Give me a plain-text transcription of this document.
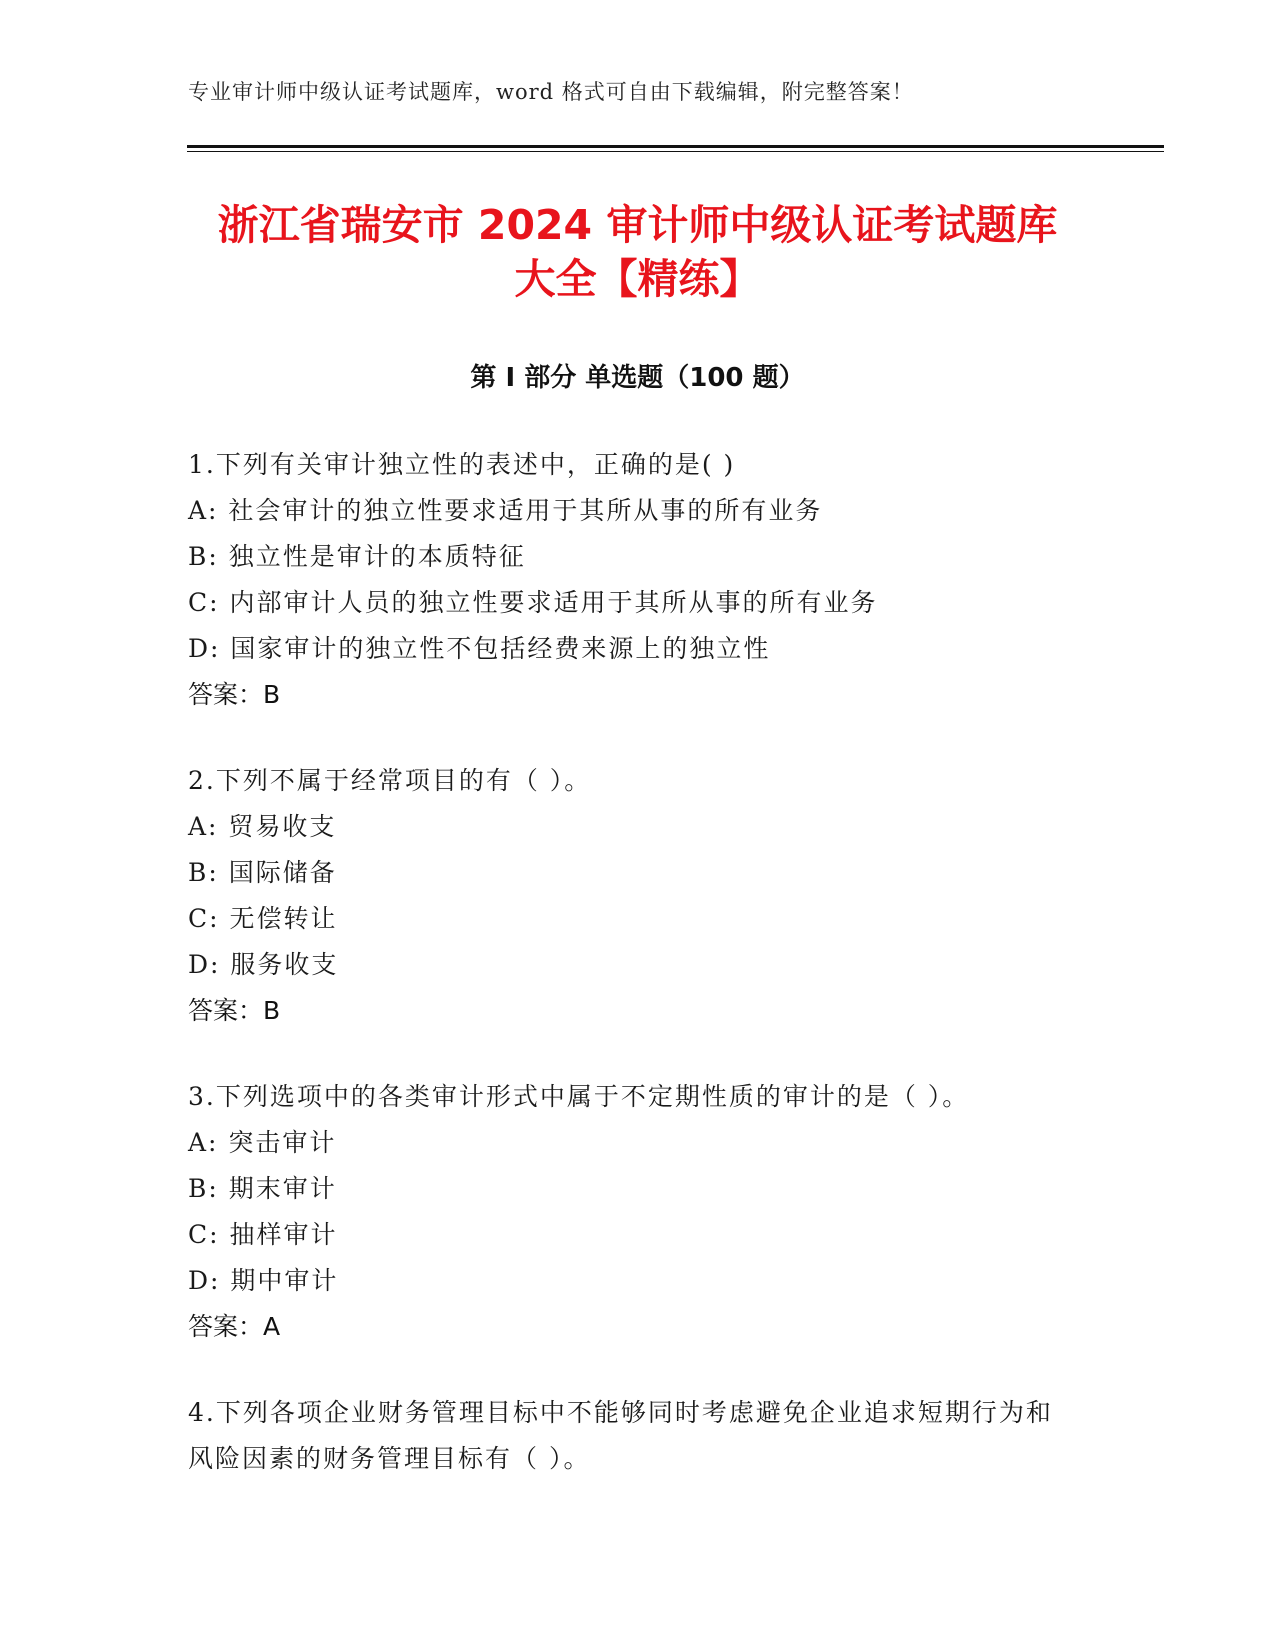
专业审计师中级认证考试题库，word 格式可自由下载编辑，附完整答案！
浙江省瑞安市 2024 审计师中级认证考试题库
大全【精练】
第 I 部分 单选题（100 题）
1.下列有关审计独立性的表述中，正确的是( )
A: 社会审计的独立性要求适用于其所从事的所有业务
B: 独立性是审计的本质特征
C: 内部审计人员的独立性要求适用于其所从事的所有业务
D: 国家审计的独立性不包括经费来源上的独立性
答案：B
2.下列不属于经常项目的有（ ）。
A: 贸易收支
B: 国际储备
C: 无偿转让
D: 服务收支
答案：B
3.下列选项中的各类审计形式中属于不定期性质的审计的是（ ）。
A: 突击审计
B: 期末审计
C: 抽样审计
D: 期中审计
答案：A
4.下列各项企业财务管理目标中不能够同时考虑避免企业追求短期行为和风险因素的财务管理目标有（ ）。
